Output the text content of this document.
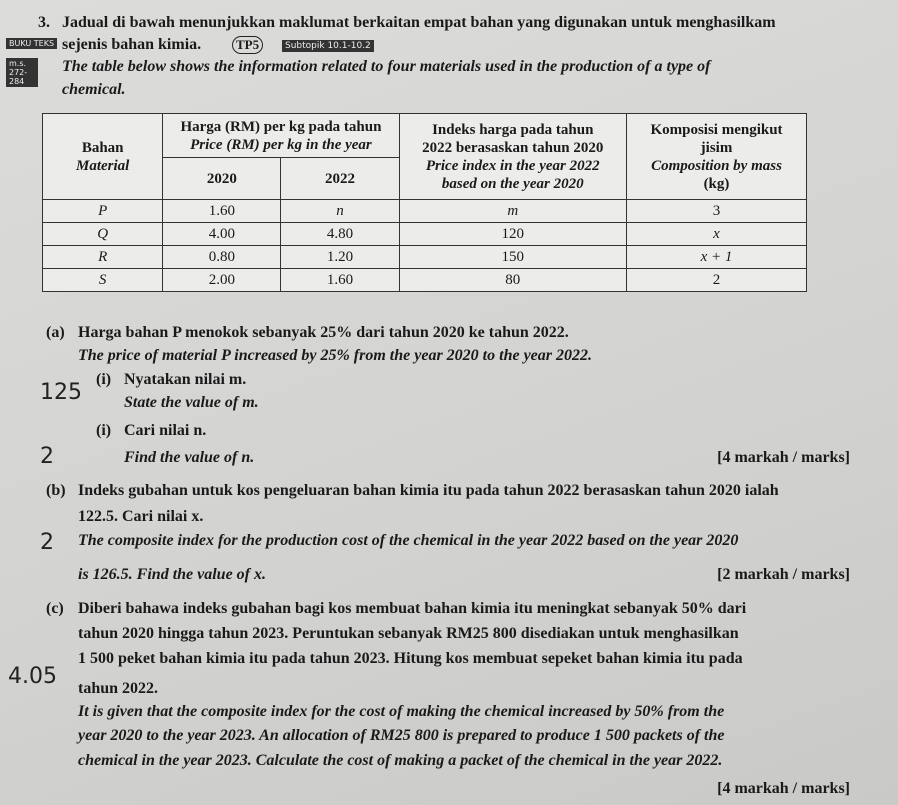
3. Jadual di bawah menunjukkan maklumat berkaitan empat bahan yang digunakan untuk menghasilkam
BUKU TEKS sejenis bahan kimia.	TP5	Subtopik 10.1-10.2
m.s. 272-284
The table below shows the information related to four materials used in the production of a type of
chemical.
Bahan
Material	Harga (RM) per kg pada tahun
Price (RM) per kg in the year		Indeks harga pada tahun
2022 berasaskan tahun 2020
Price index in the year 2022
based on the year 2020	Komposisi mengikut
jisim
Composition by mass
(kg)
	2020	2022		
P	1.60	n	m	3
Q	4.00	4.80	120	x
R	0.80	1.20	150	x + 1
S	2.00	1.60	80	2
(a) Harga bahan P menokok sebanyak 25% dari tahun 2020 ke tahun 2022.
The price of material P increased by 25% from the year 2020 to the year 2022.
(i) Nyatakan nilai m.
State the value of m.
125
(i) Cari nilai n.
Find the value of n.
2	[4 markah / marks]
(b) Indeks gubahan untuk kos pengeluaran bahan kimia itu pada tahun 2022 berasaskan tahun 2020 ialah
122.5. Cari nilai x.
The composite index for the production cost of the chemical in the year 2022 based on the year 2020
is 126.5. Find the value of x.
2
[2 markah / marks]
(c) Diberi bahawa indeks gubahan bagi kos membuat bahan kimia itu meningkat sebanyak 50% dari
tahun 2020 hingga tahun 2023. Peruntukan sebanyak RM25 800 disediakan untuk menghasilkan
1 500 peket bahan kimia itu pada tahun 2023. Hitung kos membuat sepeket bahan kimia itu pada
tahun 2022.
4.05
It is given that the composite index for the cost of making the chemical increased by 50% from the
year 2020 to the year 2023. An allocation of RM25 800 is prepared to produce 1 500 packets of the
chemical in the year 2023. Calculate the cost of making a packet of the chemical in the year 2022.
[4 markah / marks]
